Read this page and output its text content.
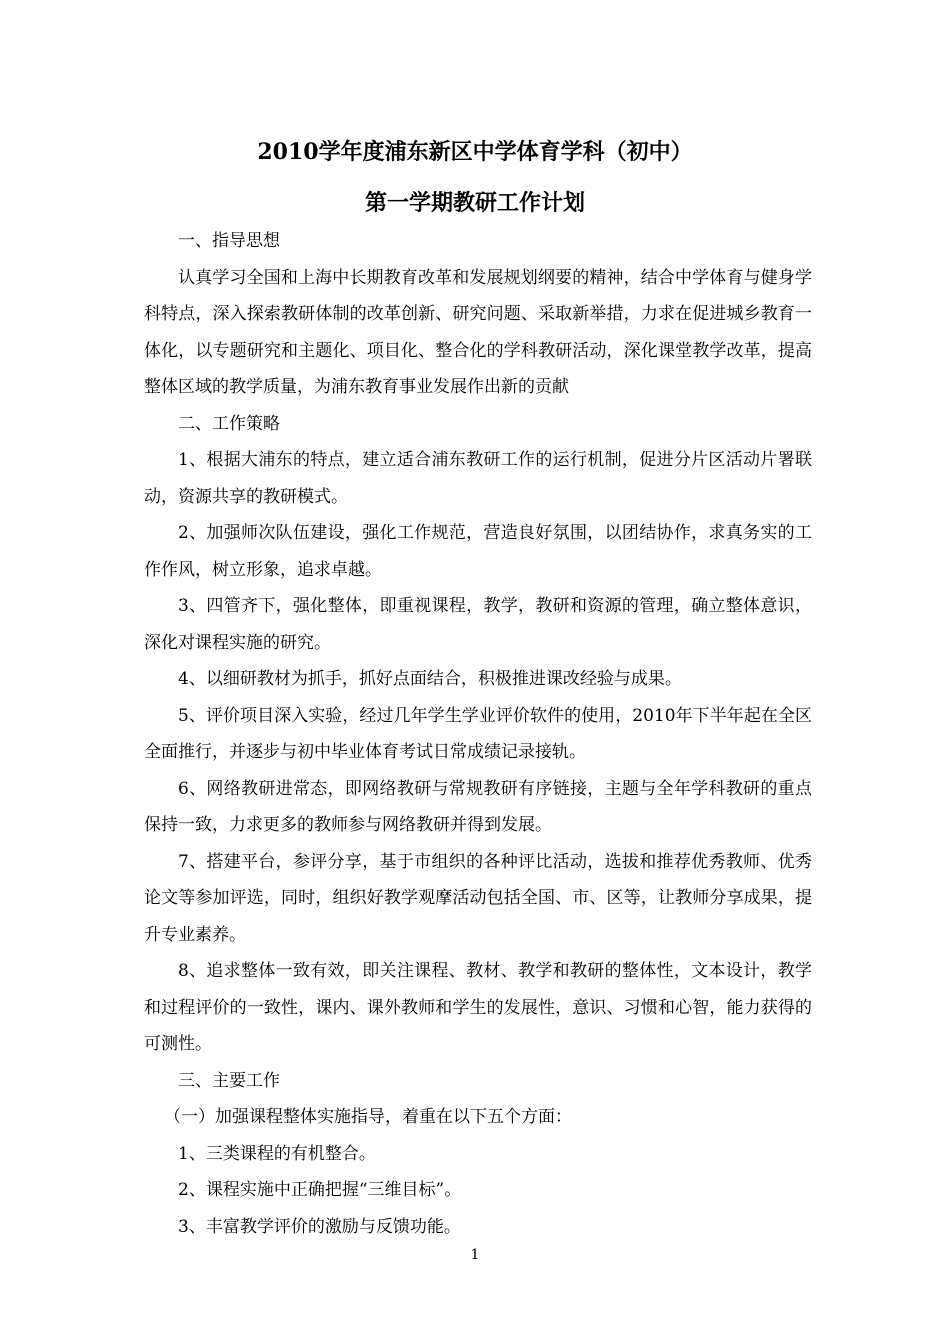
2010学年度浦东新区中学体育学科（初中）
第一学期教研工作计划

一、指导思想

认真学习全国和上海中长期教育改革和发展规划纲要的精神，结合中学体育与健身学科特点，深入探索教研体制的改革创新、研究问题、采取新举措，力求在促进城乡教育一体化，以专题研究和主题化、项目化、整合化的学科教研活动，深化课堂教学改革，提高整体区域的教学质量，为浦东教育事业发展作出新的贡献

二、工作策略

1、根据大浦东的特点，建立适合浦东教研工作的运行机制，促进分片区活动片署联动，资源共享的教研模式。

2、加强师次队伍建设，强化工作规范，营造良好氛围，以团结协作，求真务实的工作作风，树立形象，追求卓越。

3、四管齐下，强化整体，即重视课程，教学，教研和资源的管理，确立整体意识，深化对课程实施的研究。

4、以细研教材为抓手，抓好点面结合，积极推进课改经验与成果。

5、评价项目深入实验，经过几年学生学业评价软件的使用，2010年下半年起在全区全面推行，并逐步与初中毕业体育考试日常成绩记录接轨。

6、网络教研进常态，即网络教研与常规教研有序链接，主题与全年学科教研的重点保持一致，力求更多的教师参与网络教研并得到发展。

7、搭建平台，参评分享，基于市组织的各种评比活动，选拔和推荐优秀教师、优秀论文等参加评选，同时，组织好教学观摩活动包括全国、市、区等，让教师分享成果，提升专业素养。

8、追求整体一致有效，即关注课程、教材、教学和教研的整体性，文本设计，教学和过程评价的一致性，课内、课外教师和学生的发展性，意识、习惯和心智，能力获得的可测性。

三、主要工作

（一）加强课程整体实施指导，着重在以下五个方面：

1、三类课程的有机整合。

2、课程实施中正确把握“三维目标”。

3、丰富教学评价的激励与反馈功能。

1
